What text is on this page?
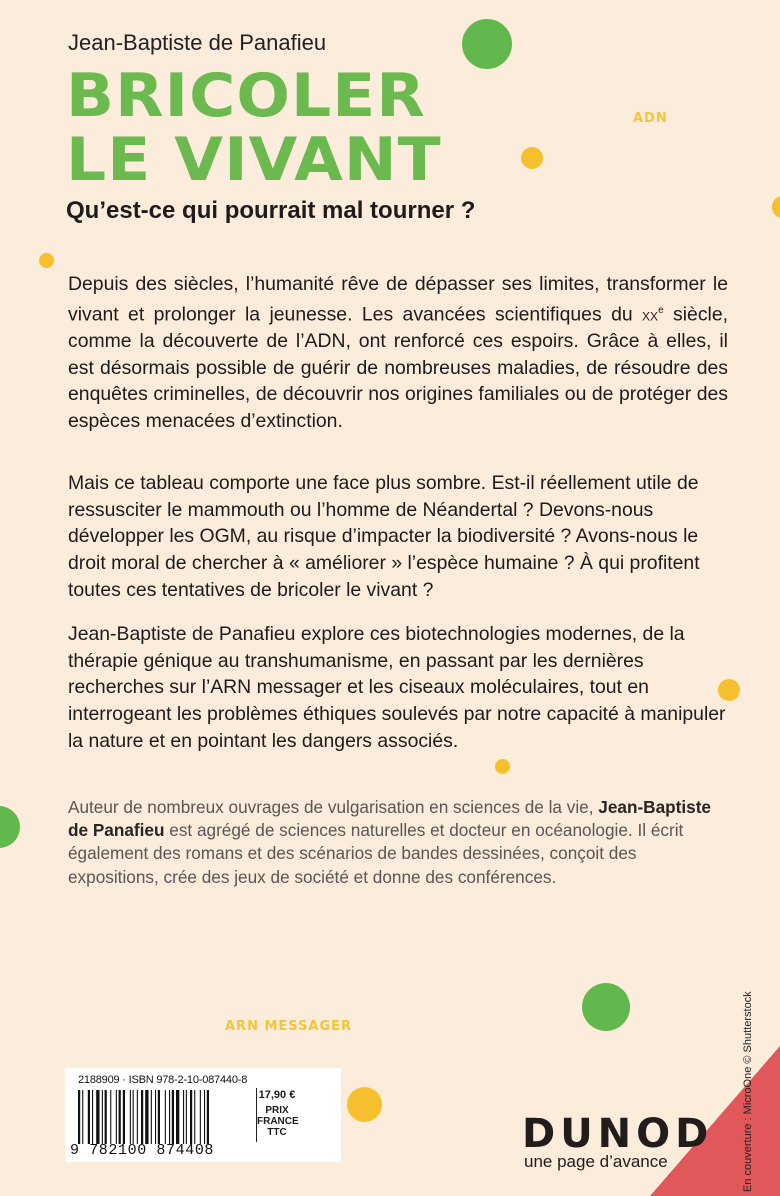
Jean-Baptiste de Panafieu
BRICOLER
LE VIVANT
Qu’est-ce qui pourrait mal tourner ?
ADN
Depuis des siècles, l’humanité rêve de dépasser ses limites, transformer le vivant et prolonger la jeunesse. Les avancées scientifiques du $xx^e$ siècle, comme la découverte de l’ADN, ont renforcé ces espoirs. Grâce à elles, il est désormais possible de guérir de nombreuses maladies, de résoudre des enquêtes criminelles, de découvrir nos origines familiales ou de protéger des espèces menacées d’extinction.
Mais ce tableau comporte une face plus sombre. Est-il réellement utile de ressusciter le mammouth ou l’homme de Néandertal ? Devons-nous développer les OGM, au risque d’impacter la biodiversité ? Avons-nous le droit moral de chercher à « améliorer » l’espèce humaine ? À qui profitent toutes ces tentatives de bricoler le vivant ?
Jean-Baptiste de Panafieu explore ces biotechnologies modernes, de la thérapie génique au transhumanisme, en passant par les dernières recherches sur l’ARN messager et les ciseaux moléculaires, tout en interrogeant les problèmes éthiques soulevés par notre capacité à manipuler la nature et en pointant les dangers associés.
Auteur de nombreux ouvrages de vulgarisation en sciences de la vie, Jean-Baptiste de Panafieu est agrégé de sciences naturelles et docteur en océanologie. Il écrit également des romans et des scénarios de bandes dessinées, conçoit des expositions, crée des jeux de société et donne des conférences.
ARN MESSAGER
2188909 · ISBN 978-2-10-087440-8
9 782100 874408
17,90 €
PRIX
FRANCE
TTC	DUNOD
une page d’avance	En couverture : MicroOne © Shutterstock
